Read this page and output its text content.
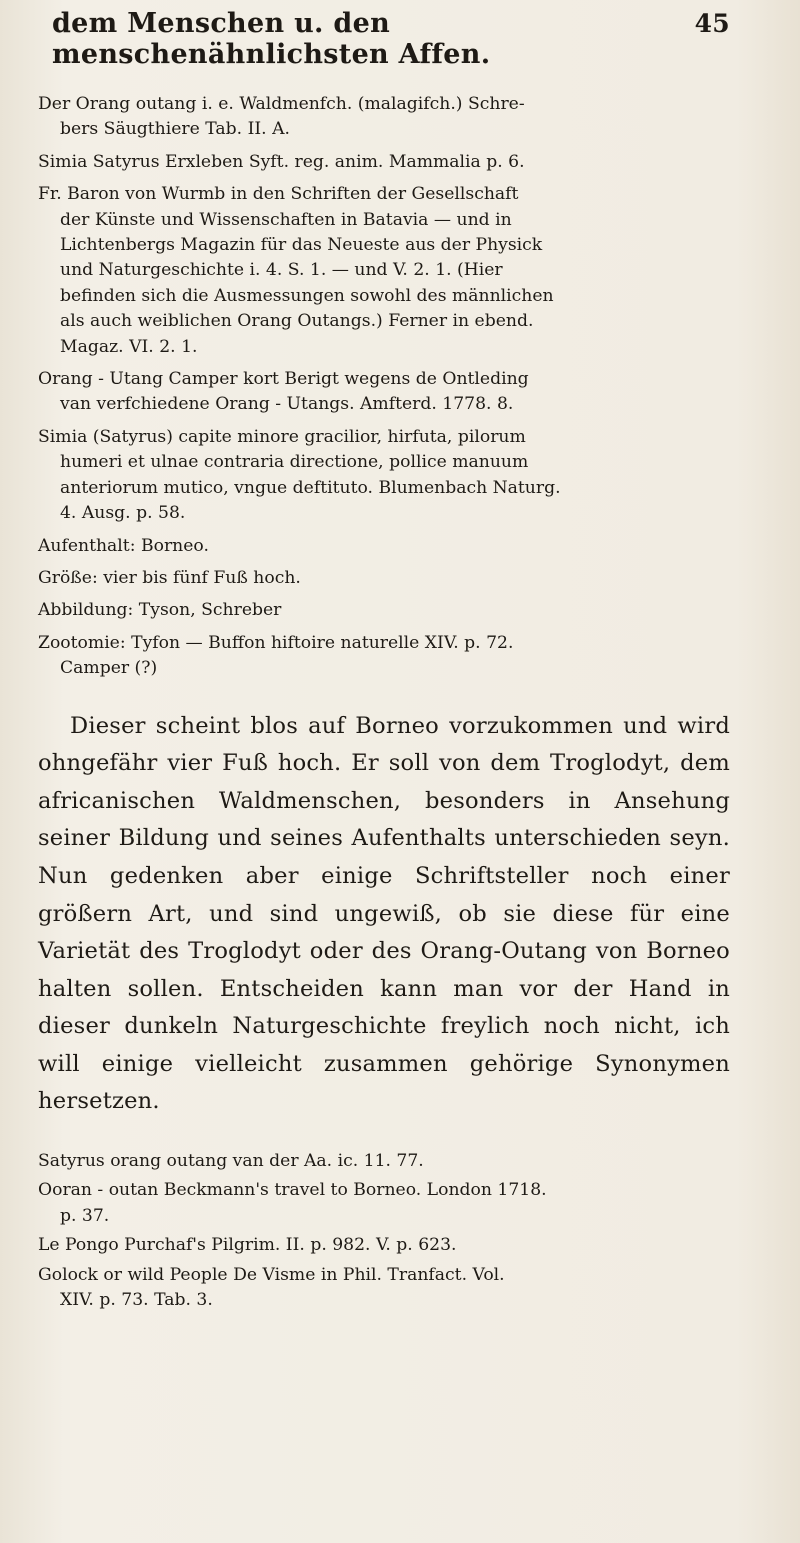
dem Menschen u. den menschenähnlichsten Affen.
45
Der Orang outang i. e. Waldmenfch. (malagifch.) Schre-
bers Säugthiere Tab. II. A.
Simia Satyrus Erxleben Syft. reg. anim. Mammalia p. 6.
Fr. Baron von Wurmb in den Schriften der Gesellschaft
der Künste und Wissenschaften in Batavia — und in
Lichtenbergs Magazin für das Neueste aus der Physick
und Naturgeschichte i. 4. S. 1. — und V. 2. 1. (Hier
befinden sich die Ausmessungen sowohl des männlichen
als auch weiblichen Orang Outangs.) Ferner in ebend.
Magaz. VI. 2. 1.
Orang - Utang Camper kort Berigt wegens de Ontleding
van verfchiedene Orang - Utangs. Amfterd. 1778. 8.
Simia (Satyrus) capite minore gracilior, hirfuta, pilorum
humeri et ulnae contraria directione, pollice manuum
anteriorum mutico, vngue deftituto. Blumenbach Naturg.
4. Ausg. p. 58.
Aufenthalt: Borneo.
Größe: vier bis fünf Fuß hoch.
Abbildung: Tyson, Schreber
Zootomie: Tyfon — Buffon hiftoire naturelle XIV. p. 72.
Camper (?)

Dieser scheint blos auf Borneo vorzukommen und wird ohngefähr vier Fuß hoch. Er soll von dem Troglodyt, dem africanischen Waldmenschen, besonders in Ansehung seiner Bildung und seines Aufenthalts unterschieden seyn. Nun gedenken aber einige Schriftsteller noch einer größern Art, und sind ungewiß, ob sie diese für eine Varietät des Troglodyt oder des Orang-Outang von Borneo halten sollen. Entscheiden kann man vor der Hand in dieser dunkeln Naturgeschichte freylich noch nicht, ich will einige vielleicht zusammen gehörige Synonymen hersetzen.

Satyrus orang outang van der Aa. ic. 11. 77.
Ooran - outan Beckmann's travel to Borneo. London 1718.
p. 37.
Le Pongo Purchaf's Pilgrim. II. p. 982. V. p. 623.
Golock or wild People De Visme in Phil. Tranfact. Vol.
XIV. p. 73. Tab. 3.
